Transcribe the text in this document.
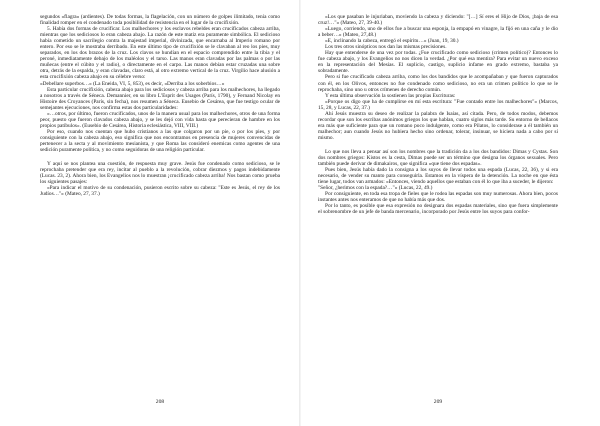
segundos «flagra» (ardientes). De todas formas, la flagelación, con un número de golpes ilimitado, tenía como finalidad romper en el condenado toda posibilidad de resistencia en el lugar de la crucifixión.

5. Había dos formas de crucificar. Los malhechores y los esclavos rebeldes eran crucificados cabeza arriba, mientras que los sediciosos lo eran cabeza abajo. La razón de este matiz era puramente simbólica. El sedicioso había cometido un sacrilegio contra la majestad imperial, divinizada, que encarnaba al Imperio romano por entero. Por eso se le mostraba derribado. En este último tipo de crucifixión se le clavaban al reo los pies, muy separados, en los dos brazos de la cruz. Los clavos se hundían en el espacio comprendido entre la tibia y el peroné, inmediatamente debajo de los maléolos y el tarso. Las manos eran clavadas por las palmas o por las muñecas (entre el cúbito y el radio), o directamente en el carpo. Las manos debían estar cruzadas una sobre otra, detrás de la espalda, y eran clavadas, claro está, al otro extremo vertical de la cruz. Virgilio hace alusión a esta crucifixión cabeza abajo en su célebre verso:

«Debellare superbos…» (La Eneida, VI, 5, 853), es decir, «Derriba a los soberbios…»

Esta particular crucifixión, cabeza abajo para los sediciosos y cabeza arriba para los malhechores, ha llegado a nosotros a través de Séneca. Demannier, en su libro L'Esprit des Usages (París, 1790), y Fernand Nicolay en Histoire des Croyances (París, sin fecha), nos resumen a Séneca. Eusebio de Cesárea, que fue testigo ocular de semejantes ejecuciones, nos confirma estas dos particularidades:

«…otros, por último, fueron crucificados, unos de la manera usual para los malhechores, otros de una forma peor, puesto que fueron clavados cabeza abajo, y se les dejó con vida hasta que perecieran de hambre en los propios patíbulos». (Eusebio de Cesárea, Historia eclesiástica, VIII, VIII.)

Por eso, cuando nos cuentan que hubo cristianos a las que colgaron por un pie, o por los pies, y por consiguiente con la cabeza abajo, eso significa que nos encontramos en presencia de mujeres convencidas de pertenecer a la secta y al movimiento mesianista, y que Roma las consideró enemicas como agentes de una sedición puramente política, y no como seguidoras de una religión particular.

Y aquí se nos plantea una cuestión, de respuesta muy grave. Jesús fue condenado como sedicioso, se le reprochaba pretender que era rey, incitar al pueblo a la revolución, cobrar diezmos y pagos indebidamente (Lucas. 23, 2). Ahora bien, los Evangelios nos lo muestran ¡crucificado cabeza arriba! Nos bastan como prueba los siguientes pasajes:

«Para indicar el motivo de su condenación, pusieron escrito sobre su cabeza: "Este es Jesús, el rey de los Judíos…"» (Mateo, 27, 37.)

208

«Los que pasaban le injuriaban, moviendo la cabeza y diciendo: "[…] Sí eres el Hijo de Dios, ¡baja de esa cruz!…"» (Mateo, 27, 39-40.)

«Luego, corriendo, uno de ellos fue a buscar una esponja, la empapó en vinagre, la fijó en una caña y le dio a beber…» (Mateo, 27,48.)

«E, inclinando la cabeza, entregó el espíritu…» (Juan, 19, 30.)

Los tres otros sinópticos nos dan las mismas precisiones.

Hay que entenderse de una vez por todas. ¿Fue crucificado como sedicioso (crimen político)? Entonces lo fue cabeza abajo, y los Evangelios no nos dicen la verdad. ¿Por qué esa mentira? Para evitar un nuevo exceso en la representación del Mesías. El suplicio, castigo, suplicio infame en grado extremo, bastaba ya sobradamente.

Pero si fue crucificado cabeza arriba, como los dos bandidos que le acompañaban y que fueron capturados con él, en los Olivos, entonces no fue condenado como sedicioso, no era un crimen político lo que se le reprochaba, sino uno u otros crímenes de derecho común.

Y esta última observación la sostienen las propias Escrituras:

«Porque os digo que ha de cumplirse en mí esta escritura: "Fue contado entre los malhechores"» (Marcos, 15, 28, y Lucas, 22, 37.)

Ahí Jesús muestra su deseo de realizar la palabra de Isaías, así citada. Pero, de todos modos, debemos recordar que son los escribas anónimos griegos los que hablan, cuatro siglos más tarde. Su entorno de bellacos era más que suficiente para que un romano poco indulgente, como era Pilatos, lo considerase a él también un malhechor; aun cuando Jesús no hubiera hecho sino ordenar, tolerar, insinuar, se hiciera nada a cabo por sí mismo.

Lo que nos lleva a pensar así son los nombres que la tradición da a los dos bandidos: Dimas y Cystas. Son dos nombres griegos: Kistos es la cesta, Dimas puede ser un término que designa los órganos sexuales. Pero también puede derivar de dimakairos, que significa «que tiene dos espadas».

Pues bien, Jesús había dado la consigna a los suyos de llevar todos una espada (Lucas, 22, 36), y si era necesario, de vender su manto para conseguirla. Estamos en la víspera de la detención. La noche en que ésta tiene lugar, todos van armados: «Entonces, viendo aquellos que estaban con él lo que iba a suceder, le dijeron:

"Señor, ¿herimos con la espada?…"» (Lucas, 22, 49.)

Por consiguiente, en toda esa tropa de fieles que le rodea las espadas son muy numerosas. Ahora bien, pocos instantes antes nos enteramos de que no había más que dos.

Por lo tanto, es posible que esa expresión no designara dos espadas materiales, sino que fuera simplemente el sobrenombre de un jefe de banda mercenario, incorporado por Jesús entre los suyos para confor-

209
